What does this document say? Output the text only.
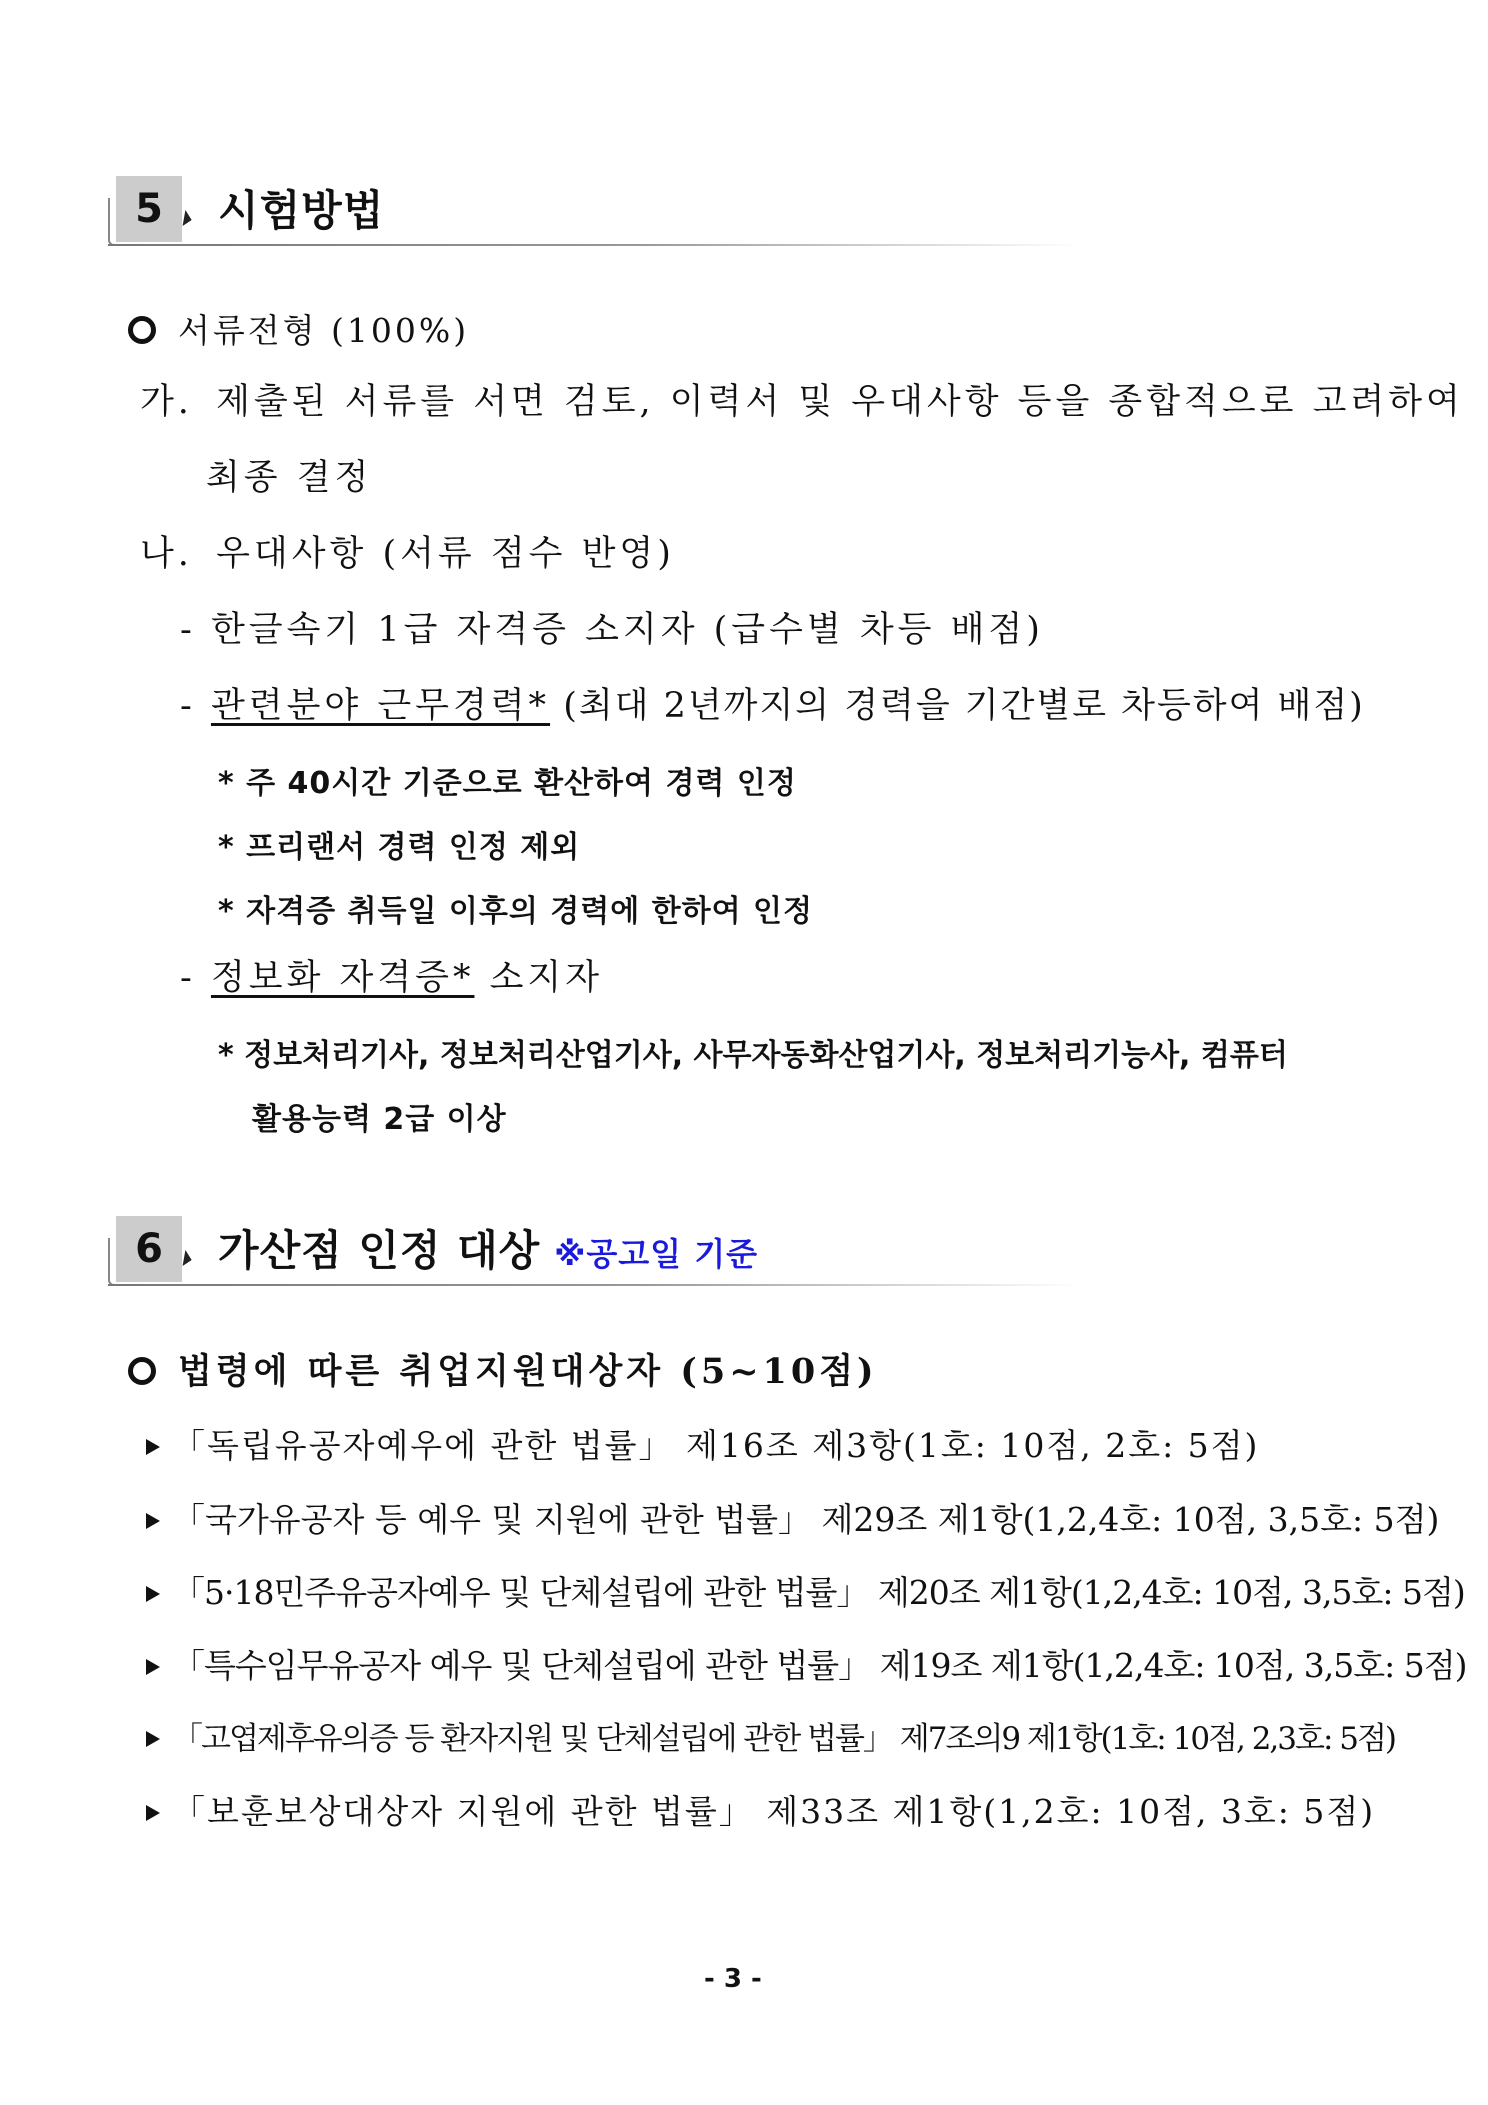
5	시험방법
서류전형 (100%)
가. 제출된 서류를 서면 검토, 이력서 및 우대사항 등을 종합적으로 고려하여
최종 결정
나. 우대사항 (서류 점수 반영)
- 한글속기 1급 자격증 소지자 (급수별 차등 배점)
- 관련분야 근무경력* (최대 2년까지의 경력을 기간별로 차등하여 배점)
* 주 40시간 기준으로 환산하여 경력 인정
* 프리랜서 경력 인정 제외
* 자격증 취득일 이후의 경력에 한하여 인정
- 정보화 자격증* 소지자
* 정보처리기사, 정보처리산업기사, 사무자동화산업기사, 정보처리기능사, 컴퓨터
활용능력 2급 이상
6	가산점 인정 대상 ※공고일 기준
법령에 따른 취업지원대상자 (5~10점)
「독립유공자예우에 관한 법률」 제16조 제3항(1호: 10점, 2호: 5점)
「국가유공자 등 예우 및 지원에 관한 법률」 제29조 제1항(1,2,4호: 10점, 3,5호: 5점)
「5·18민주유공자예우 및 단체설립에 관한 법률」 제20조 제1항(1,2,4호: 10점, 3,5호: 5점)
「특수임무유공자 예우 및 단체설립에 관한 법률」 제19조 제1항(1,2,4호: 10점, 3,5호: 5점)
「고엽제후유의증 등 환자지원 및 단체설립에 관한 법률」 제7조의9 제1항(1호: 10점, 2,3호: 5점)
「보훈보상대상자 지원에 관한 법률」 제33조 제1항(1,2호: 10점, 3호: 5점)
- 3 -
